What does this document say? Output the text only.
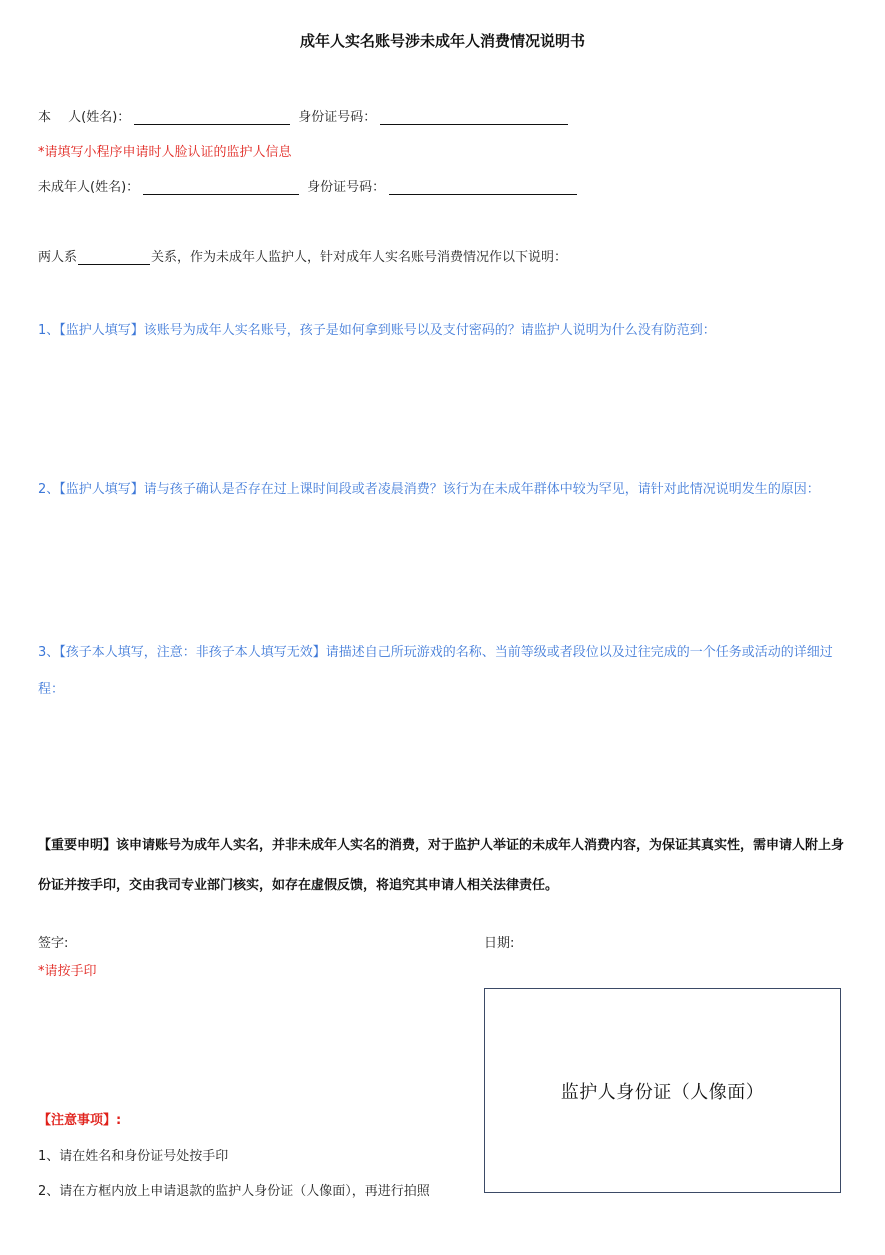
成年人实名账号涉未成年人消费情况说明书
本　 人(姓名)：	身份证号码：
*请填写小程序申请时人脸认证的监护人信息
未成年人(姓名)：	身份证号码：
两人系	关系，作为未成年人监护人，针对成年人实名账号消费情况作以下说明：
1、【监护人填写】该账号为成年人实名账号，孩子是如何拿到账号以及支付密码的？请监护人说明为什么没有防范到：
2、【监护人填写】请与孩子确认是否存在过上课时间段或者凌晨消费？该行为在未成年群体中较为罕见，请针对此情况说明发生的原因：
3、【孩子本人填写，注意：非孩子本人填写无效】请描述自己所玩游戏的名称、当前等级或者段位以及过往完成的一个任务或活动的详细过程：
【重要申明】该申请账号为成年人实名，并非未成年人实名的消费，对于监护人举证的未成年人消费内容，为保证其真实性，需申请人附上身份证并按手印，交由我司专业部门核实，如存在虚假反馈，将追究其申请人相关法律责任。
签字:	日期:
*请按手印
监护人身份证（人像面）
【注意事项】:
1、请在姓名和身份证号处按手印
2、请在方框内放上申请退款的监护人身份证（人像面），再进行拍照
